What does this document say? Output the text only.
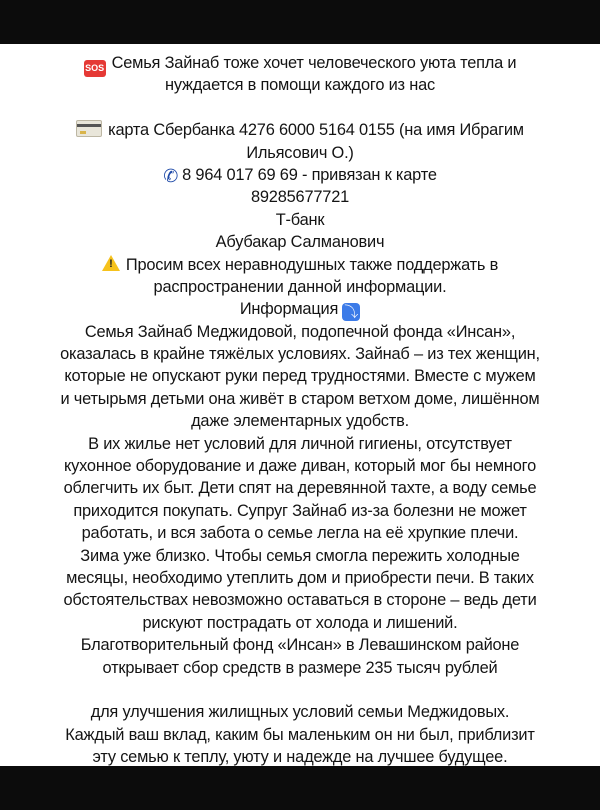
SOS Семья Зайнаб тоже хочет человеческого уюта тепла и
нуждается в помощи каждого из нас
карта Сбербанка 4276 6000 5164 0155 (на имя Ибрагим
Ильясович О.)
✆ 8 964 017 69 69 - привязан к карте
89285677721
Т-банк
Абубакар Салманович
! Просим всех неравнодушных также поддержать в
распространении данной информации.
Информация ⤵
Семья Зайнаб Меджидовой, подопечной фонда «Инсан»,
оказалась в крайне тяжёлых условиях. Зайнаб – из тех женщин,
которые не опускают руки перед трудностями. Вместе с мужем
и четырьмя детьми она живёт в старом ветхом доме, лишённом
даже элементарных удобств.
В их жилье нет условий для личной гигиены, отсутствует
кухонное оборудование и даже диван, который мог бы немного
облегчить их быт. Дети спят на деревянной тахте, а воду семье
приходится покупать. Супруг Зайнаб из-за болезни не может
работать, и вся забота о семье легла на её хрупкие плечи.
Зима уже близко. Чтобы семья смогла пережить холодные
месяцы, необходимо утеплить дом и приобрести печи. В таких
обстоятельствах невозможно оставаться в стороне – ведь дети
рискуют пострадать от холода и лишений.
Благотворительный фонд «Инсан» в Левашинском районе
открывает сбор средств в размере 235 тысяч рублей
для улучшения жилищных условий семьи Меджидовых.
Каждый ваш вклад, каким бы маленьким он ни был, приблизит
эту семью к теплу, уюту и надежде на лучшее будущее.
